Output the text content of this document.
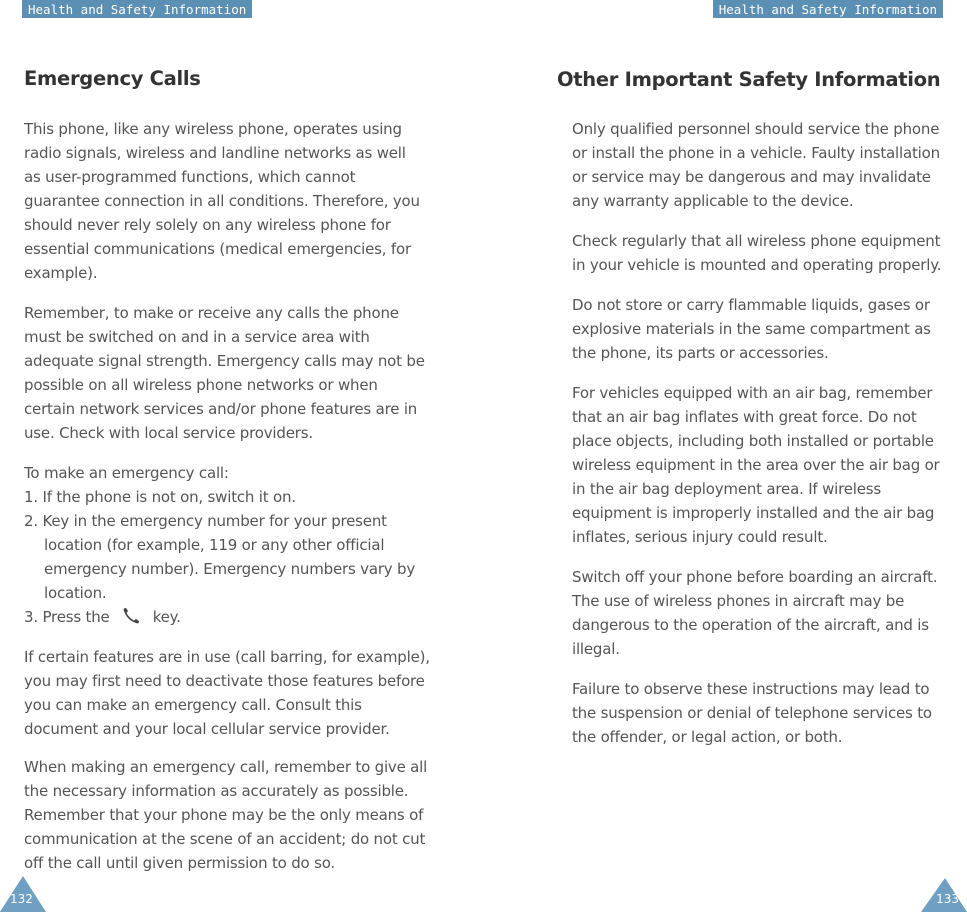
Health and Safety Information	Health and Safety Information
Emergency Calls	Other Important Safety Information

This phone, like any wireless phone, operates using
radio signals, wireless and landline networks as well
as user-programmed functions, which cannot
guarantee connection in all conditions. Therefore, you
should never rely solely on any wireless phone for
essential communications (medical emergencies, for
example).

Remember, to make or receive any calls the phone
must be switched on and in a service area with
adequate signal strength. Emergency calls may not be
possible on all wireless phone networks or when
certain network services and/or phone features are in
use. Check with local service providers.

To make an emergency call:
1. If the phone is not on, switch it on.
2. Key in the emergency number for your present
location (for example, 119 or any other official
emergency number). Emergency numbers vary by
location.
3. Press the	key.

If certain features are in use (call barring, for example),
you may first need to deactivate those features before
you can make an emergency call. Consult this
document and your local cellular service provider.

When making an emergency call, remember to give all
the necessary information as accurately as possible.
Remember that your phone may be the only means of
communication at the scene of an accident; do not cut
off the call until given permission to do so.

Only qualified personnel should service the phone
or install the phone in a vehicle. Faulty installation
or service may be dangerous and may invalidate
any warranty applicable to the device.

Check regularly that all wireless phone equipment
in your vehicle is mounted and operating properly.

Do not store or carry flammable liquids, gases or
explosive materials in the same compartment as
the phone, its parts or accessories.

For vehicles equipped with an air bag, remember
that an air bag inflates with great force. Do not
place objects, including both installed or portable
wireless equipment in the area over the air bag or
in the air bag deployment area. If wireless
equipment is improperly installed and the air bag
inflates, serious injury could result.

Switch off your phone before boarding an aircraft.
The use of wireless phones in aircraft may be
dangerous to the operation of the aircraft, and is
illegal.

Failure to observe these instructions may lead to
the suspension or denial of telephone services to
the offender, or legal action, or both.

132	133
